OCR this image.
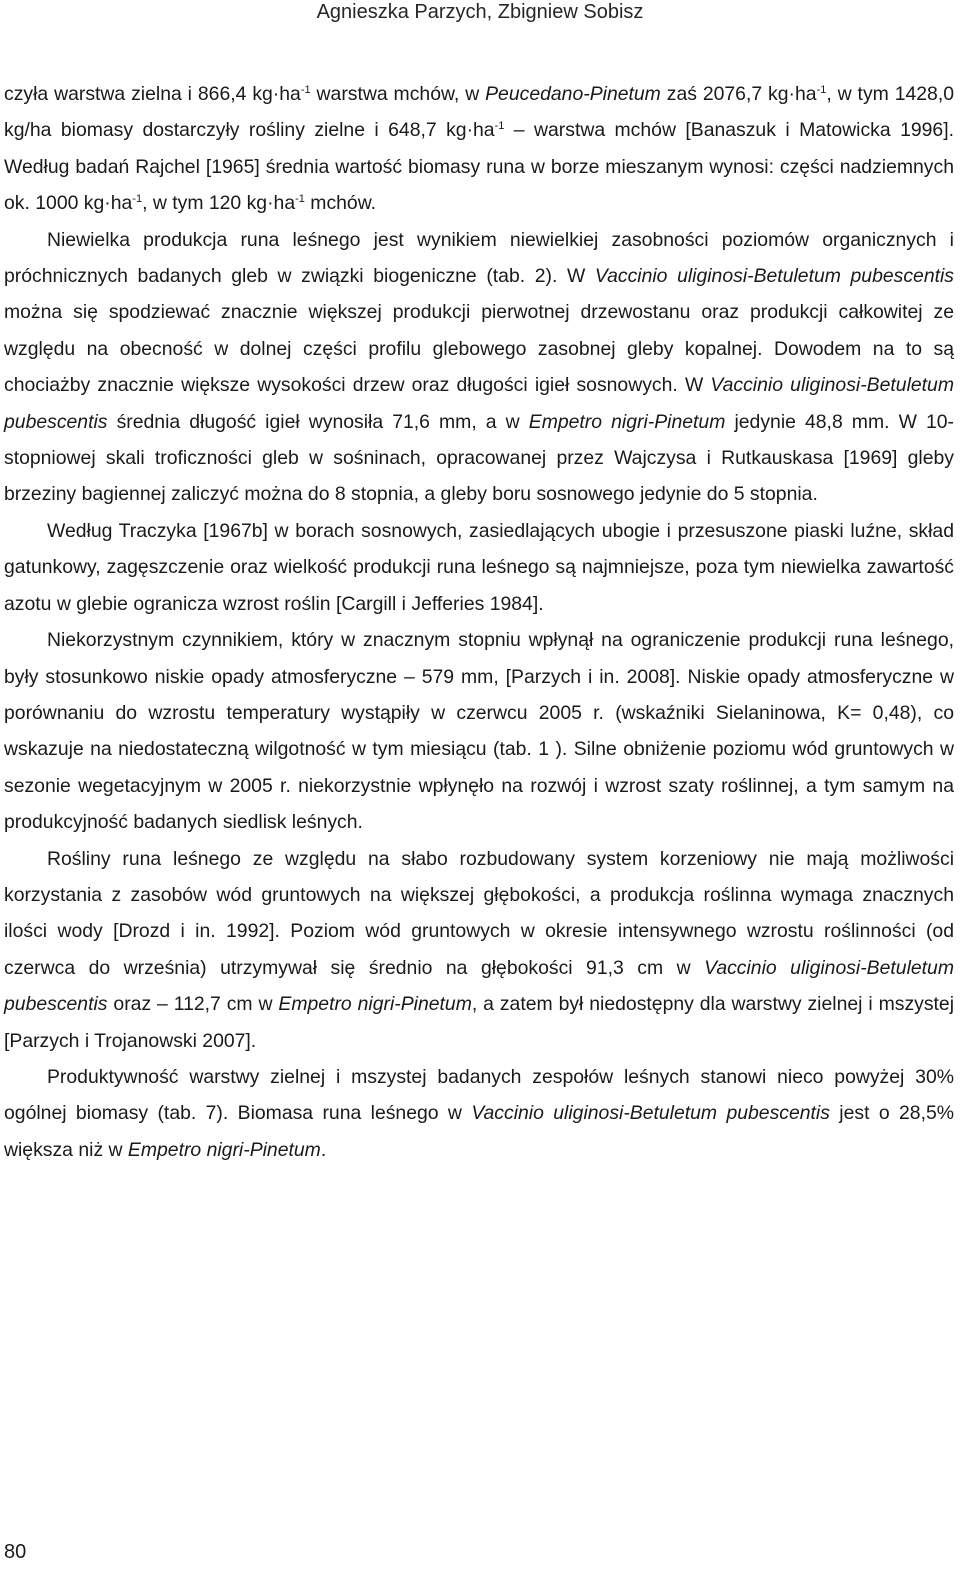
Agnieszka Parzych, Zbigniew Sobisz

czyła warstwa zielna i 866,4 $kg\cdot ha^{-1}$ warstwa mchów, w Peucedano-Pinetum zaś 2076,7 $kg\cdot ha^{-1}$, w tym 1428,0 kg/ha biomasy dostarczyły rośliny zielne i 648,7 $kg\cdot ha^{-1}$ – warstwa mchów [Banaszuk i Matowicka 1996]. Według badań Rajchel [1965] średnia wartość biomasy runa w borze mieszanym wynosi: części nadziemnych ok. 1000 $kg\cdot ha^{-1}$, w tym 120 $kg\cdot ha^{-1}$ mchów.

Niewielka produkcja runa leśnego jest wynikiem niewielkiej zasobności poziomów organicznych i próchnicznych badanych gleb w związki biogeniczne (tab. 2). W Vaccinio uliginosi-Betuletum pubescentis można się spodziewać znacznie większej produkcji pierwotnej drzewostanu oraz produkcji całkowitej ze względu na obecność w dolnej części profilu glebowego zasobnej gleby kopalnej. Dowodem na to są chociażby znacznie większe wysokości drzew oraz długości igieł sosnowych. W Vaccinio uliginosi-Betuletum pubescentis średnia długość igieł wynosiła 71,6 mm, a w Empetro nigri-Pinetum jedynie 48,8 mm. W 10-stopniowej skali troficzności gleb w sośninach, opracowanej przez Wajczysa i Rutkauskasa [1969] gleby brzeziny bagiennej zaliczyć można do 8 stopnia, a gleby boru sosnowego jedynie do 5 stopnia.

Według Traczyka [1967b] w borach sosnowych, zasiedlających ubogie i przesuszone piaski luźne, skład gatunkowy, zagęszczenie oraz wielkość produkcji runa leśnego są najmniejsze, poza tym niewielka zawartość azotu w glebie ogranicza wzrost roślin [Cargill i Jefferies 1984].

Niekorzystnym czynnikiem, który w znacznym stopniu wpłynął na ograniczenie produkcji runa leśnego, były stosunkowo niskie opady atmosferyczne – 579 mm, [Parzych i in. 2008]. Niskie opady atmosferyczne w porównaniu do wzrostu temperatury wystąpiły w czerwcu 2005 r. (wskaźniki Sielaninowa, K= 0,48), co wskazuje na niedostateczną wilgotność w tym miesiącu (tab. 1 ). Silne obniżenie poziomu wód gruntowych w sezonie wegetacyjnym w 2005 r. niekorzystnie wpłynęło na rozwój i wzrost szaty roślinnej, a tym samym na produkcyjność badanych siedlisk leśnych.

Rośliny runa leśnego ze względu na słabo rozbudowany system korzeniowy nie mają możliwości korzystania z zasobów wód gruntowych na większej głębokości, a produkcja roślinna wymaga znacznych ilości wody [Drozd i in. 1992]. Poziom wód gruntowych w okresie intensywnego wzrostu roślinności (od czerwca do września) utrzymywał się średnio na głębokości 91,3 cm w Vaccinio uliginosi-Betuletum pubescentis oraz – 112,7 cm w Empetro nigri-Pinetum, a zatem był niedostępny dla warstwy zielnej i mszystej [Parzych i Trojanowski 2007].

Produktywność warstwy zielnej i mszystej badanych zespołów leśnych stanowi nieco powyżej 30% ogólnej biomasy (tab. 7). Biomasa runa leśnego w Vaccinio uliginosi-Betuletum pubescentis jest o 28,5% większa niż w Empetro nigri-Pinetum.

80
